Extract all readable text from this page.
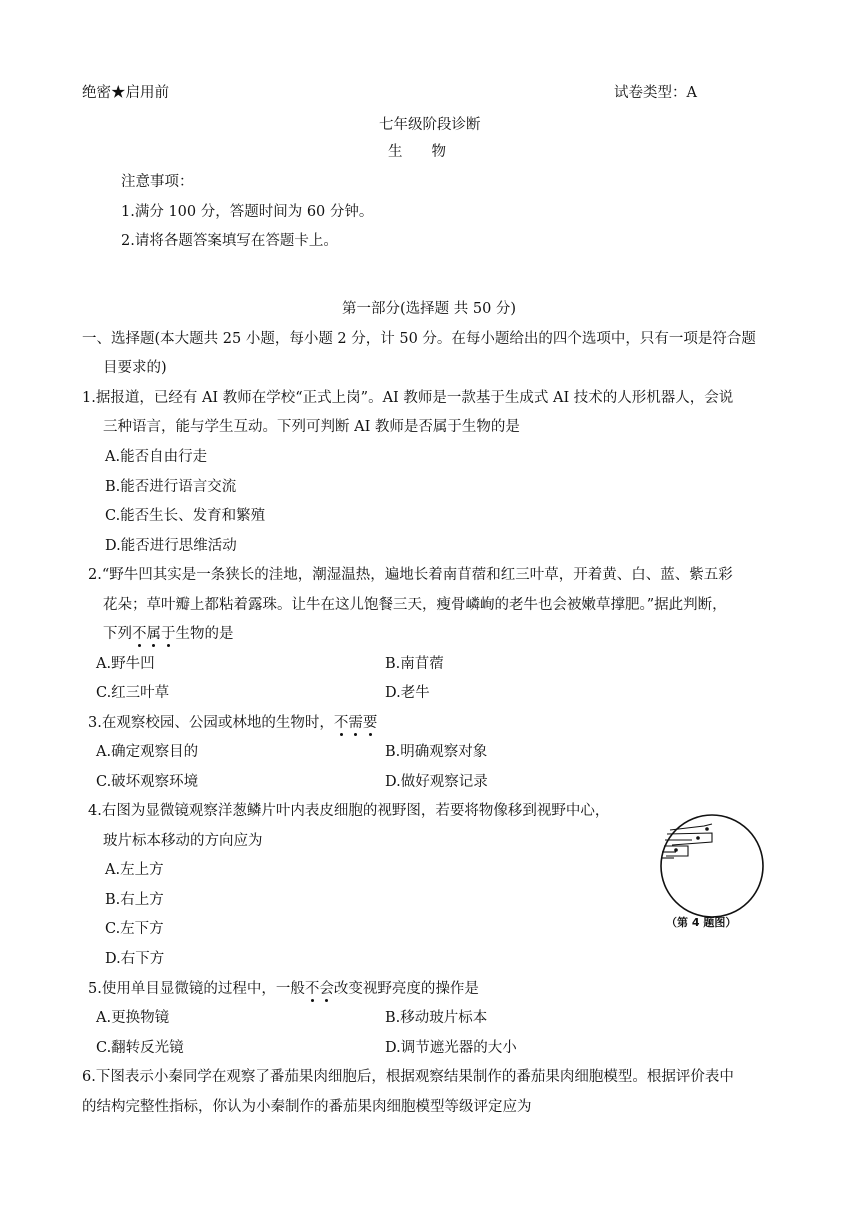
绝密★启用前	试卷类型：A
七年级阶段诊断
生　　物
注意事项：
1.满分 100 分，答题时间为 60 分钟。
2.请将各题答案填写在答题卡上。
第一部分(选择题 共 50 分)
一、选择题(本大题共 25 小题，每小题 2 分，计 50 分。在每小题给出的四个选项中，只有一项是符合题
目要求的)
1.据报道，已经有 AI 教师在学校“正式上岗”。AI 教师是一款基于生成式 AI 技术的人形机器人，会说
三种语言，能与学生互动。下列可判断 AI 教师是否属于生物的是
A.能否自由行走
B.能否进行语言交流
C.能否生长、发育和繁殖
D.能否进行思维活动
2.“野牛凹其实是一条狭长的洼地，潮湿温热，遍地长着南苜蓿和红三叶草，开着黄、白、蓝、紫五彩
花朵；草叶瓣上都粘着露珠。让牛在这儿饱餐三天，瘦骨嶙峋的老牛也会被嫩草撑肥。”据此判断，
下列不属于生物的是
A.野牛凹	B.南苜蓿
C.红三叶草	D.老牛
3.在观察校园、公园或林地的生物时，不需要
A.确定观察目的	B.明确观察对象
C.破坏观察环境	D.做好观察记录
4.右图为显微镜观察洋葱鳞片叶内表皮细胞的视野图，若要将物像移到视野中心，
玻片标本移动的方向应为
A.左上方
B.右上方
C.左下方
D.右下方
（第 4 题图）
5.使用单目显微镜的过程中，一般不会改变视野亮度的操作是
A.更换物镜	B.移动玻片标本
C.翻转反光镜	D.调节遮光器的大小
6.下图表示小秦同学在观察了番茄果肉细胞后，根据观察结果制作的番茄果肉细胞模型。根据评价表中
的结构完整性指标，你认为小秦制作的番茄果肉细胞模型等级评定应为
